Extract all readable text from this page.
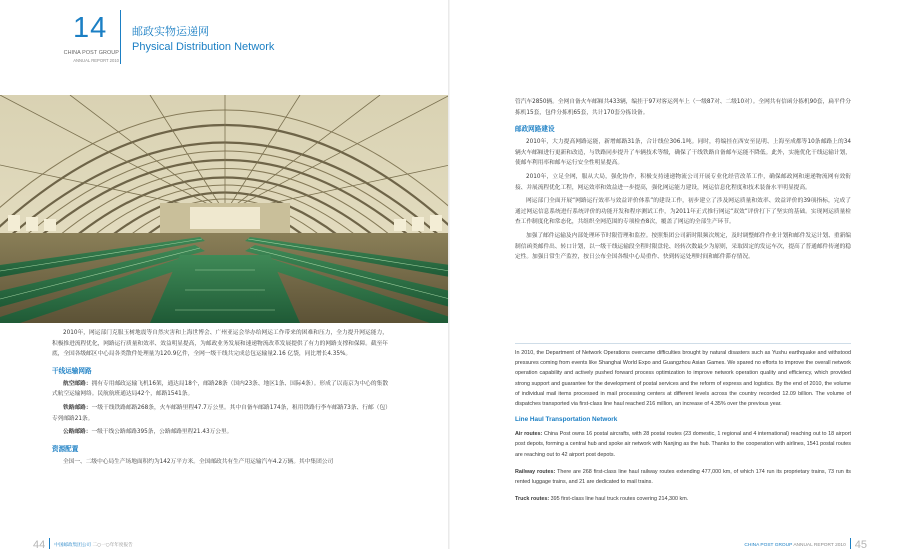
14
CHINA POST GROUP
ANNUAL REPORT 2010
邮政实物运递网
Physical Distribution Network

2010年，网运部门克服玉树地震等自然灾害和上海世博会、广州亚运会举办给网运工作带来的困难和压力，全力提升网运能力，积极推进流程优化，网路运行质量和效率、效益明显提高，为邮政业务发展和速递物流改革发展提供了有力的网路支撑和保障。截至年底，全国各级邮区中心局各类散件处理量为120.9亿件，全网一级干线共完成总包运输量2.16 亿袋，同比增长4.35%。

干线运输网路

航空邮路：拥有专用邮政运输飞机16架，通达局18个，邮路28条（国内23条、地区1条、国际4条）。形成了以南京为中心的集散式航空运输网络。民航航班通达局42个，邮路1541条。

铁路邮路：一级干线铁路邮路268条，火车邮路里程47.7万公里。其中自备车邮路174条，租用铁路行李车邮路73条、行邮（包）专列邮路21条。

公路邮路：一级干线公路邮路395条，公路邮路里程21.43万公里。

资源配置

全国一、二级中心局生产场地面积约为142万平方米。全国邮政共有生产用运输汽车4.2万辆。其中集团公司

44 中国邮政集团公司 二○一○年年度报告	CHINA POST GROUP ANNUAL REPORT 2010 45

管汽车2850辆。全网自备火车邮厢共433辆，编挂于97对客运列车上（一级87对、二级10对）。全网共有信函分拣机90套，扁平件分拣机15套，包件分拣机65套，共计170套分拣设备。

邮政网路建设

2010年，大力提高网路运能，新增邮路31条，合计线位306.1吨。同时，将编挂在西安至昆明、上海至成都等10条邮路上的34辆火车邮厢进行更新和改造，与铁路同步提升了车辆技术等级，确保了干线铁路自备邮车运能不降低。此外，实施优化干线运输计划，使邮车利用率和邮车运行安全性明显提高。

2010年，立足全网，服从大局，强化协作，积极支持速递物流公司开展专业化经营改革工作，确保邮政网和速递物流网有效衔接、并展流程优化工程，网运效率和效益进一步提高，强化网运能力建设，网运信息化程度和技术装备水平明显提高。

网运部门全面开展“网路运行效率与效益评价体系”的建设工作，初步建立了涉及网运质量和效率、效益评价的39项指标，完成了通过网运信息系统进行系统评价的功能开发和程序测试工作，为2011年正式推行网运“双效”评价打下了坚实的基础。实现网运质量检查工作制度化和常态化，共组织全网范围的专项检查8次，覆盖了网运的全部生产环节。

加强了邮件运输及内部处理环节时限管理和监控。按照集团公司新时限频次规定，及时调整邮件作业计划和邮件发运计划、重新编制信函类邮件出、转口计划，以一级干线运输段全程时限盘轮、经转次数最少为原则，采取固定的发运车次，提高了普通邮件传递的稳定性。加强日常生产监控，按日公布全国各级中心局重作、快到转运处理时间和邮件滞存情况。

In 2010, the Department of Network Operations overcame difficulties brought by natural disasters such as Yushu earthquake and withstood pressures coming from events like Shanghai World Expo and Guangzhou Asian Games. We spared no efforts to improve the overall network operation capability and actively pushed forward process optimization to improve network operation quality and efficiency, which provided strong support and guarantee for the development of postal services and the reform of express and logistics. By the end of 2010, the volume of individual mail items processed in mail processing centers at different levels across the country recorded 12.09 billion. The volume of dispatches transported via first-class line haul reached 216 million, an increase of 4.35% over the previous year.

Line Haul Transportation Network

Air routes: China Post owns 16 postal aircrafts, with 28 postal routes (23 domestic, 1 regional and 4 international) reaching out to 18 airport post depots, forming a central hub and spoke air network with Nanjing as the hub. Thanks to the cooperation with airlines, 1541 postal routes are reaching out to 42 airport post depots.

Railway routes: There are 268 first-class line haul railway routes extending 477,000 km, of which 174 run its proprietary trains, 73 run its rented luggage trains, and 21 are dedicated to mail trains.

Truck routes: 395 first-class line haul truck routes covering 214,300 km.
